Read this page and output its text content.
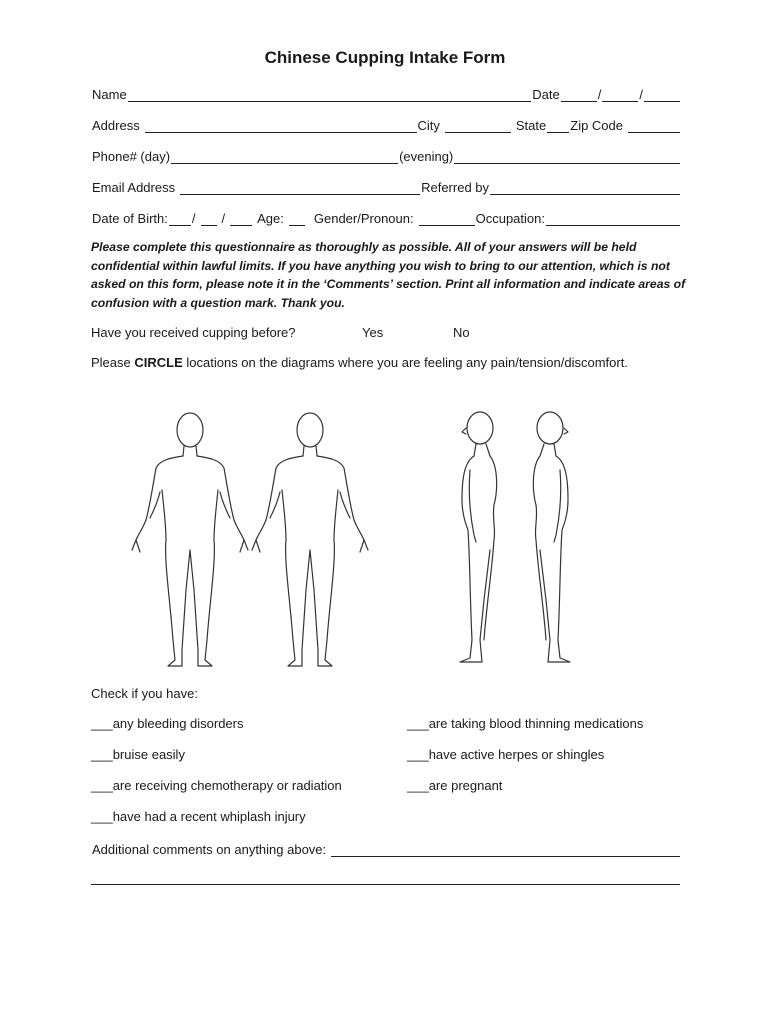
Chinese Cupping Intake Form
Name	Date	/	/
Address	City	State Zip Code
Phone# (day)	(evening)
Email Address	Referred by
Date of Birth: / / Age: Gender/Pronoun:	Occupation:
Please complete this questionnaire as thoroughly as possible. All of your answers will be held confidential within lawful limits. If you have anything you wish to bring to our attention, which is not asked on this form, please note it in the ‘Comments’ section. Print all information and indicate areas of confusion with a question mark. Thank you.
Have you received cupping before?	Yes	No
Please CIRCLE locations on the diagrams where you are feeling any pain/tension/discomfort.
Check if you have:
___any bleeding disorders	___are taking blood thinning medications
___bruise easily	___have active herpes or shingles
___are receiving chemotherapy or radiation	___are pregnant
___have had a recent whiplash injury
Additional comments on anything above:
